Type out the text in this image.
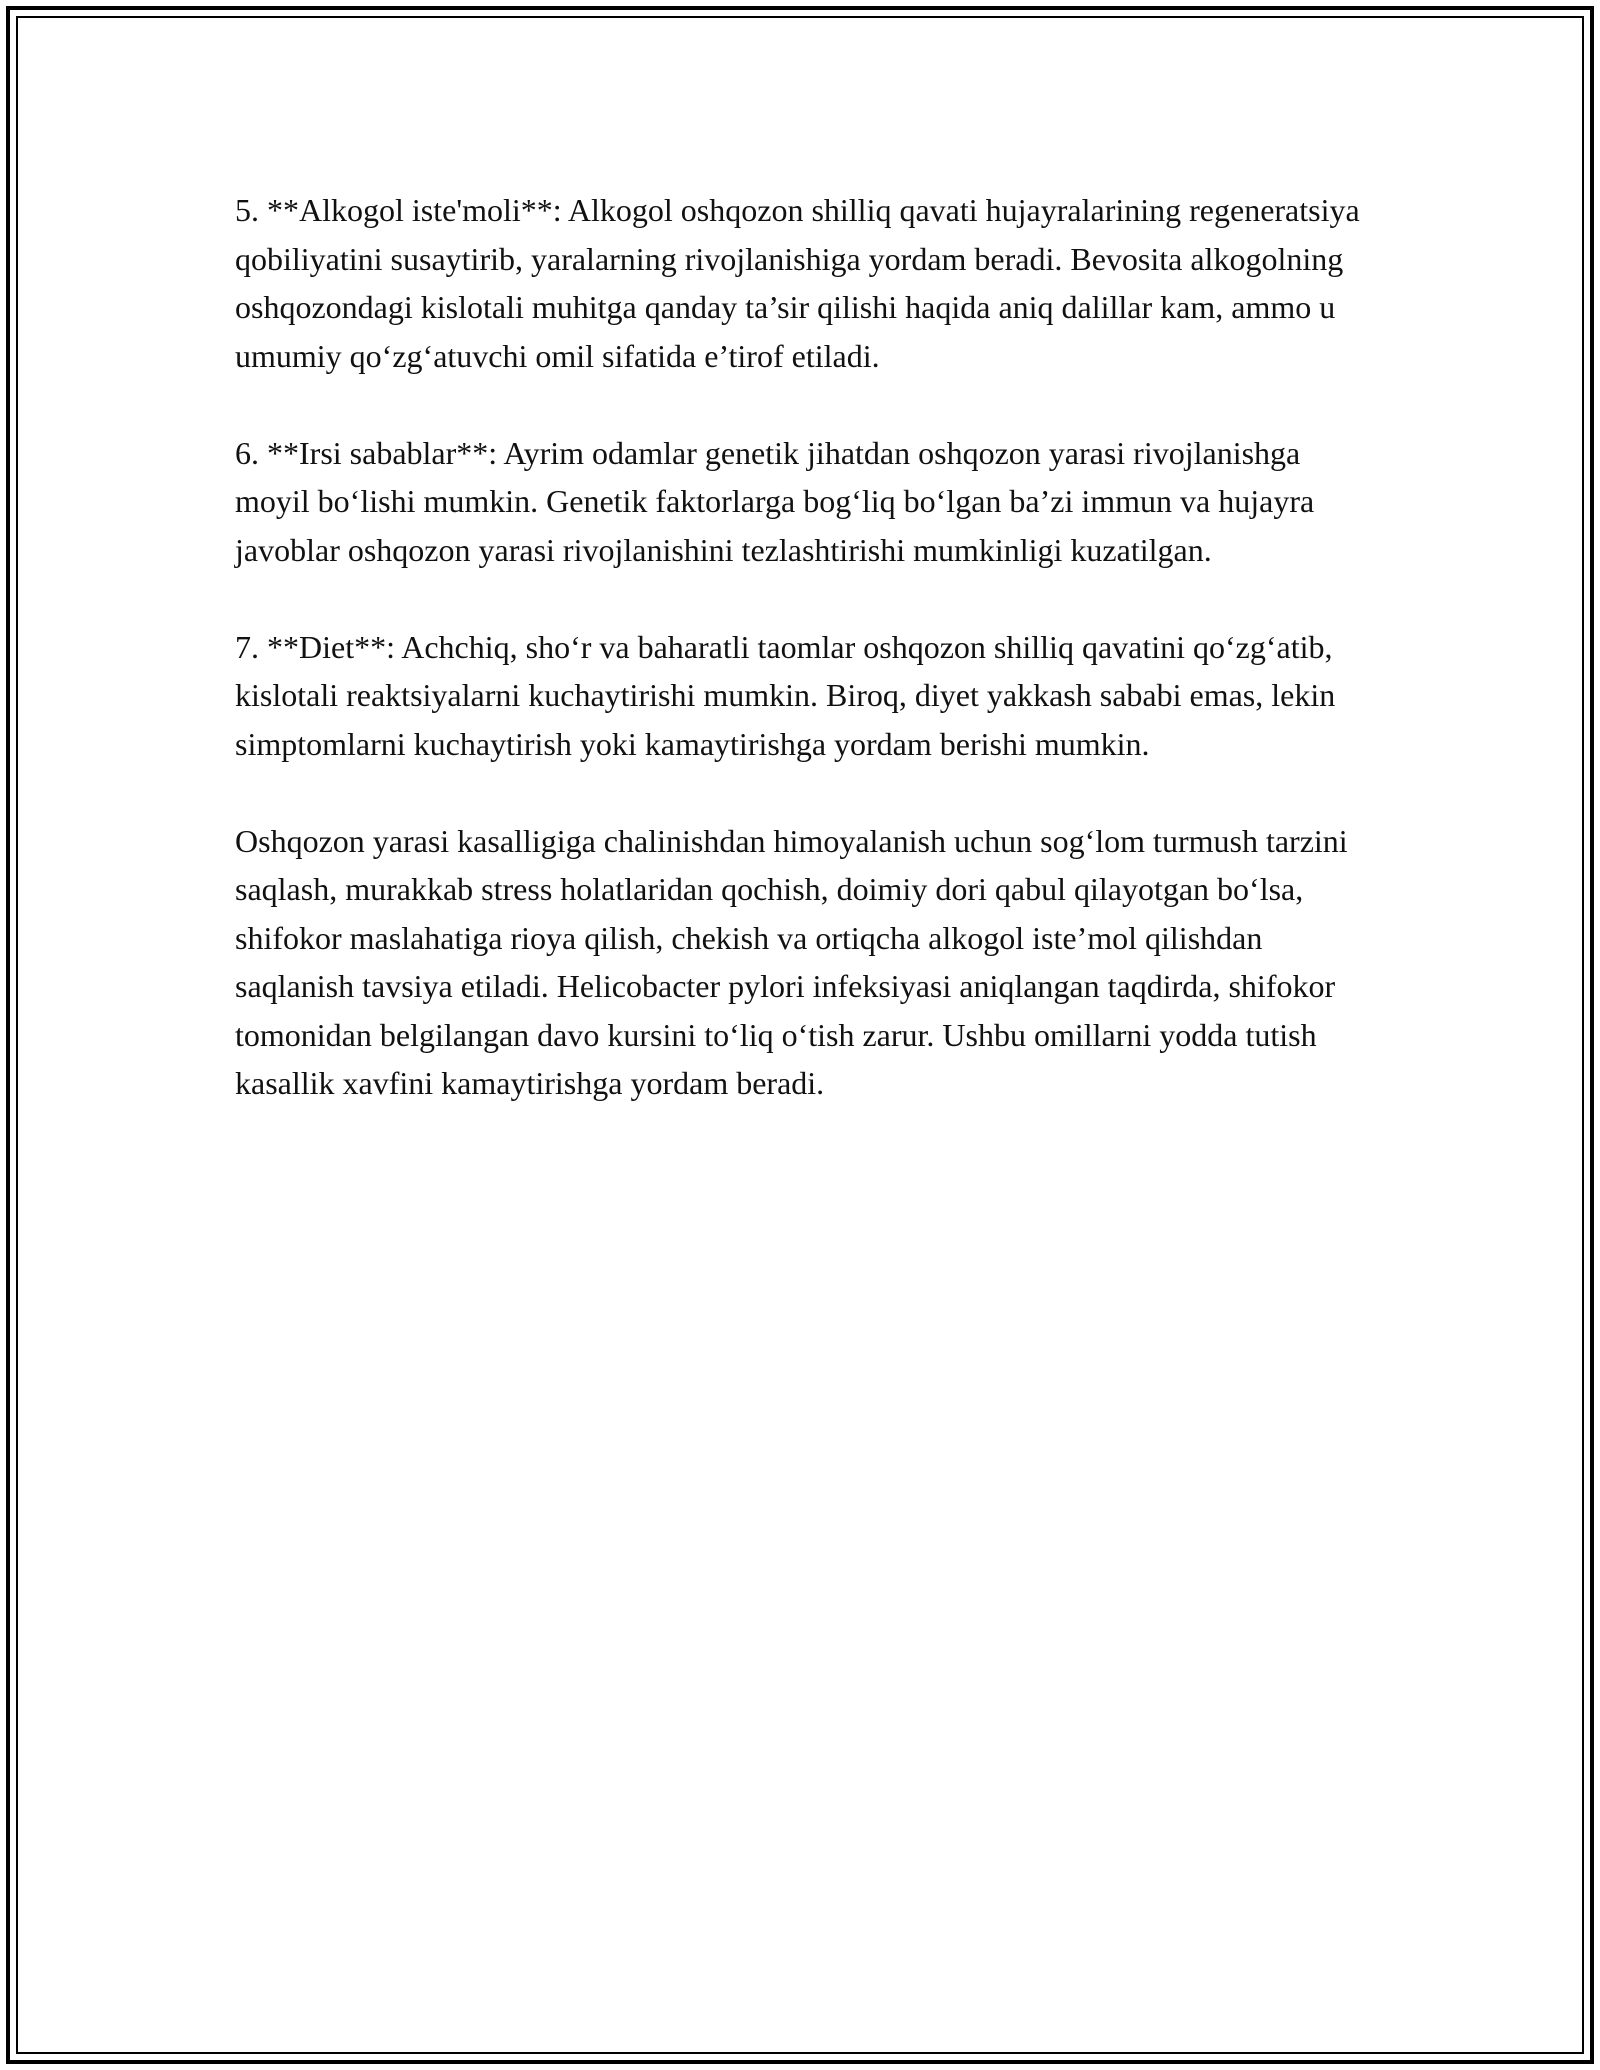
5. **Alkogol iste'moli**: Alkogol oshqozon shilliq qavati hujayralarining regeneratsiya qobiliyatini susaytirib, yaralarning rivojlanishiga yordam beradi. Bevosita alkogolning oshqozondagi kislotali muhitga qanday ta’sir qilishi haqida aniq dalillar kam, ammo u umumiy qo‘zg‘atuvchi omil sifatida e’tirof etiladi.

6. **Irsi sabablar**: Ayrim odamlar genetik jihatdan oshqozon yarasi rivojlanishga moyil bo‘lishi mumkin. Genetik faktorlarga bog‘liq bo‘lgan ba’zi immun va hujayra javoblar oshqozon yarasi rivojlanishini tezlashtirishi mumkinligi kuzatilgan.

7. **Diet**: Achchiq, sho‘r va baharatli taomlar oshqozon shilliq qavatini qo‘zg‘atib, kislotali reaktsiyalarni kuchaytirishi mumkin. Biroq, diyet yakkash sababi emas, lekin simptomlarni kuchaytirish yoki kamaytirishga yordam berishi mumkin.

Oshqozon yarasi kasalligiga chalinishdan himoyalanish uchun sog‘lom turmush tarzini saqlash, murakkab stress holatlaridan qochish, doimiy dori qabul qilayotgan bo‘lsa, shifokor maslahatiga rioya qilish, chekish va ortiqcha alkogol iste’mol qilishdan saqlanish tavsiya etiladi. Helicobacter pylori infeksiyasi aniqlangan taqdirda, shifokor tomonidan belgilangan davo kursini to‘liq o‘tish zarur. Ushbu omillarni yodda tutish kasallik xavfini kamaytirishga yordam beradi.
